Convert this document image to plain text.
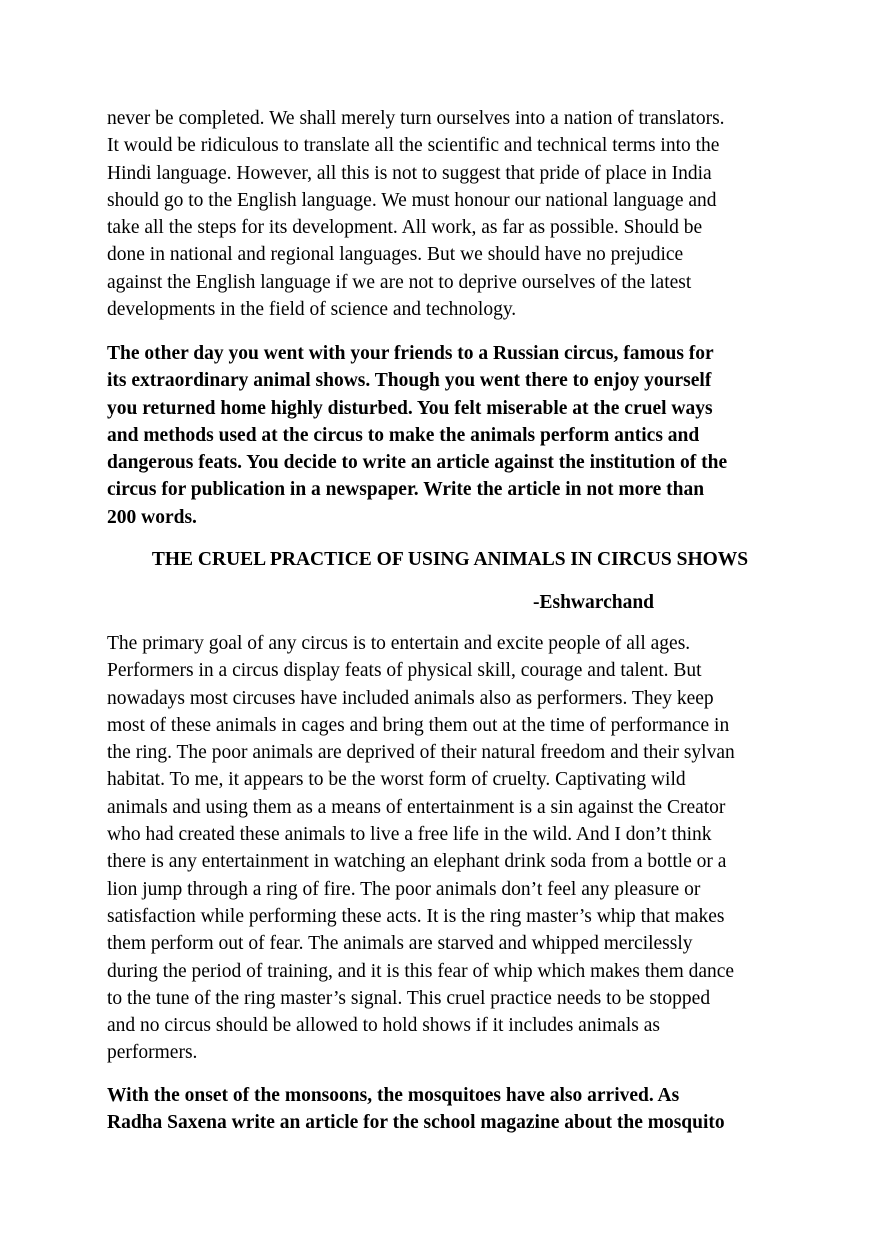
never be completed. We shall merely turn ourselves into a nation of translators.
It would be ridiculous to translate all the scientific and technical terms into the
Hindi language. However, all this is not to suggest that pride of place in India
should go to the English language. We must honour our national language and
take all the steps for its development. All work, as far as possible. Should be
done in national and regional languages. But we should have no prejudice
against the English language if we are not to deprive ourselves of the latest
developments in the field of science and technology.

The other day you went with your friends to a Russian circus, famous for
its extraordinary animal shows. Though you went there to enjoy yourself
you returned home highly disturbed. You felt miserable at the cruel ways
and methods used at the circus to make the animals perform antics and
dangerous feats. You decide to write an article against the institution of the
circus for publication in a newspaper. Write the article in not more than
200 words.

THE CRUEL PRACTICE OF USING ANIMALS IN CIRCUS SHOWS

-Eshwarchand

The primary goal of any circus is to entertain and excite people of all ages.
Performers in a circus display feats of physical skill, courage and talent. But
nowadays most circuses have included animals also as performers. They keep
most of these animals in cages and bring them out at the time of performance in
the ring. The poor animals are deprived of their natural freedom and their sylvan
habitat. To me, it appears to be the worst form of cruelty. Captivating wild
animals and using them as a means of entertainment is a sin against the Creator
who had created these animals to live a free life in the wild. And I don’t think
there is any entertainment in watching an elephant drink soda from a bottle or a
lion jump through a ring of fire. The poor animals don’t feel any pleasure or
satisfaction while performing these acts. It is the ring master’s whip that makes
them perform out of fear. The animals are starved and whipped mercilessly
during the period of training, and it is this fear of whip which makes them dance
to the tune of the ring master’s signal. This cruel practice needs to be stopped
and no circus should be allowed to hold shows if it includes animals as
performers.

With the onset of the monsoons, the mosquitoes have also arrived. As
Radha Saxena write an article for the school magazine about the mosquito
